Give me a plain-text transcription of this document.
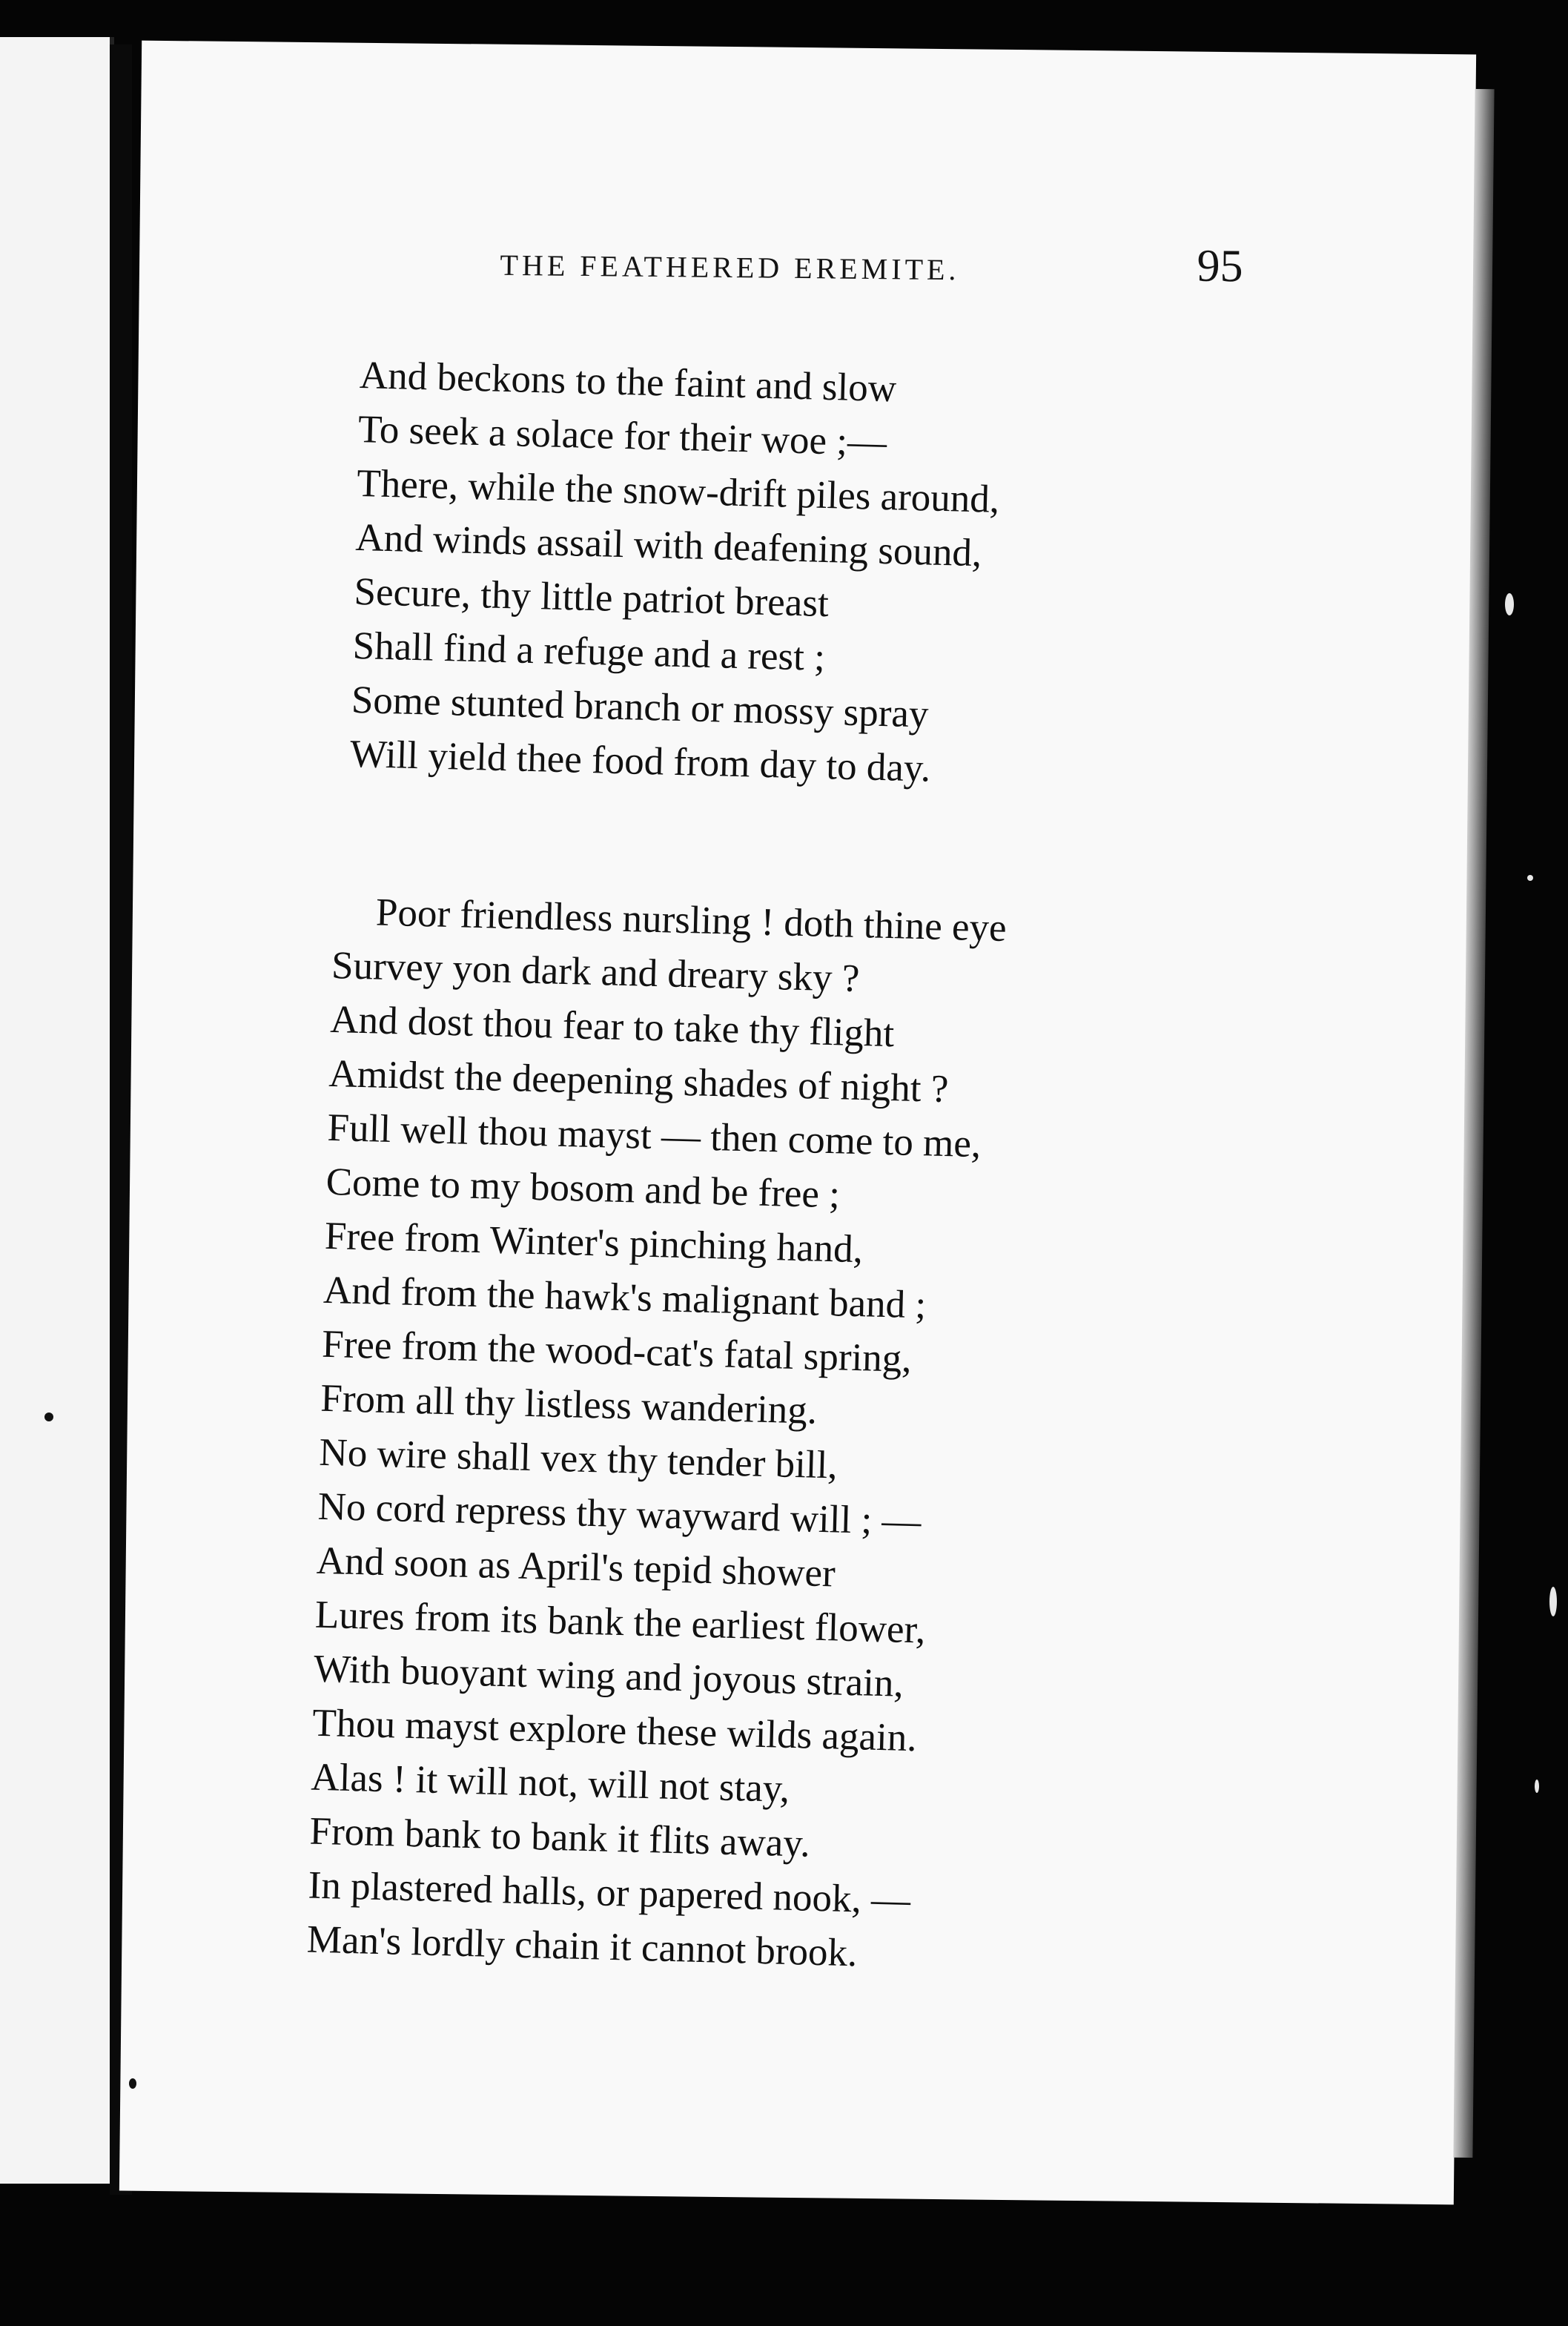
THE FEATHERED EREMITE.	95
And beckons to the faint and slow
To seek a solace for their woe ;—
There, while the snow-drift piles around,
And winds assail with deafening sound,
Secure, thy little patriot breast
Shall find a refuge and a rest ;
Some stunted branch or mossy spray
Will yield thee food from day to day.
Poor friendless nursling ! doth thine eye
Survey yon dark and dreary sky ?
And dost thou fear to take thy flight
Amidst the deepening shades of night ?
Full well thou mayst — then come to me,
Come to my bosom and be free ;
Free from Winter's pinching hand,
And from the hawk's malignant band ;
Free from the wood-cat's fatal spring,
From all thy listless wandering.
No wire shall vex thy tender bill,
No cord repress thy wayward will ; —
And soon as April's tepid shower
Lures from its bank the earliest flower,
With buoyant wing and joyous strain,
Thou mayst explore these wilds again.
Alas ! it will not, will not stay,
From bank to bank it flits away.
In plastered halls, or papered nook, —
Man's lordly chain it cannot brook.
